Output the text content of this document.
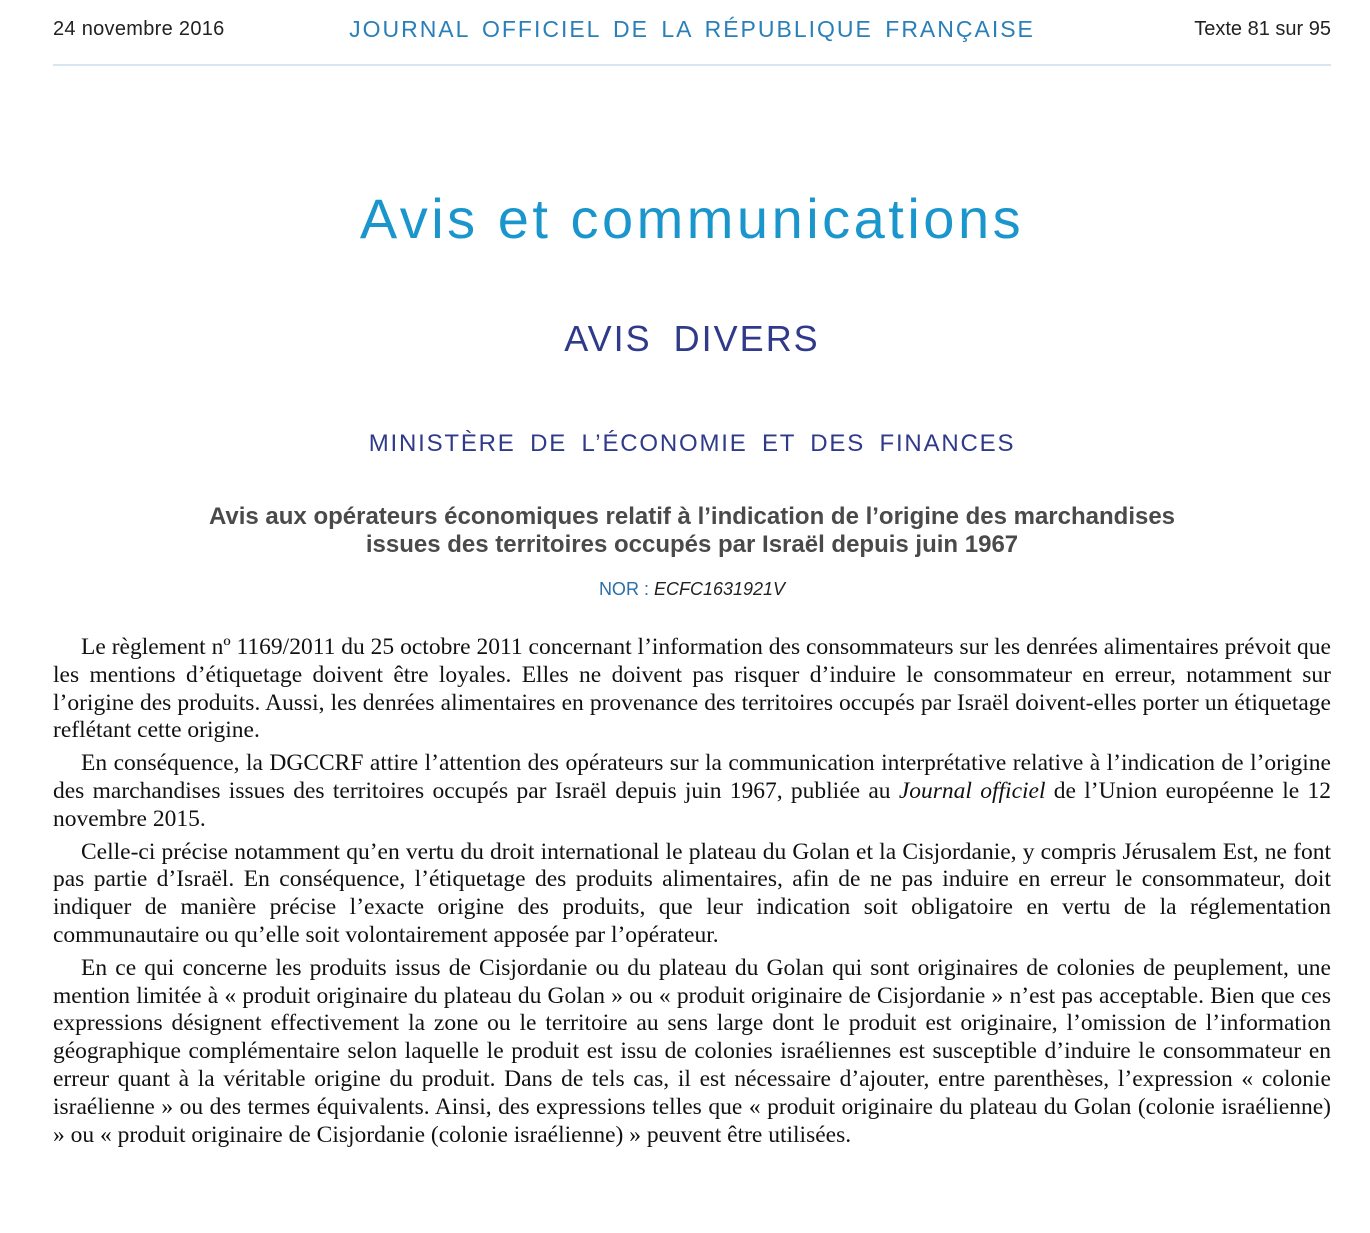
24 novembre 2016	JOURNAL OFFICIEL DE LA RÉPUBLIQUE FRANÇAISE	Texte 81 sur 95
Avis et communications
AVIS DIVERS
MINISTÈRE DE L’ÉCONOMIE ET DES FINANCES
Avis aux opérateurs économiques relatif à l’indication de l’origine des marchandises
issues des territoires occupés par Israël depuis juin 1967
NOR : ECFC1631921V

Le règlement nº 1169/2011 du 25 octobre 2011 concernant l’information des consommateurs sur les denrées alimentaires prévoit que les mentions d’étiquetage doivent être loyales. Elles ne doivent pas risquer d’induire le consommateur en erreur, notamment sur l’origine des produits. Aussi, les denrées alimentaires en provenance des territoires occupés par Israël doivent-elles porter un étiquetage reflétant cette origine.

En conséquence, la DGCCRF attire l’attention des opérateurs sur la communication interprétative relative à l’indication de l’origine des marchandises issues des territoires occupés par Israël depuis juin 1967, publiée au Journal officiel de l’Union européenne le 12 novembre 2015.

Celle-ci précise notamment qu’en vertu du droit international le plateau du Golan et la Cisjordanie, y compris Jérusalem Est, ne font pas partie d’Israël. En conséquence, l’étiquetage des produits alimentaires, afin de ne pas induire en erreur le consommateur, doit indiquer de manière précise l’exacte origine des produits, que leur indication soit obligatoire en vertu de la réglementation communautaire ou qu’elle soit volontairement apposée par l’opérateur.

En ce qui concerne les produits issus de Cisjordanie ou du plateau du Golan qui sont originaires de colonies de peuplement, une mention limitée à « produit originaire du plateau du Golan » ou « produit originaire de Cisjordanie » n’est pas acceptable. Bien que ces expressions désignent effectivement la zone ou le territoire au sens large dont le produit est originaire, l’omission de l’information géographique complémentaire selon laquelle le produit est issu de colonies israéliennes est susceptible d’induire le consommateur en erreur quant à la véritable origine du produit. Dans de tels cas, il est nécessaire d’ajouter, entre parenthèses, l’expression « colonie israélienne » ou des termes équivalents. Ainsi, des expressions telles que « produit originaire du plateau du Golan (colonie israélienne) » ou « produit originaire de Cisjordanie (colonie israélienne) » peuvent être utilisées.
